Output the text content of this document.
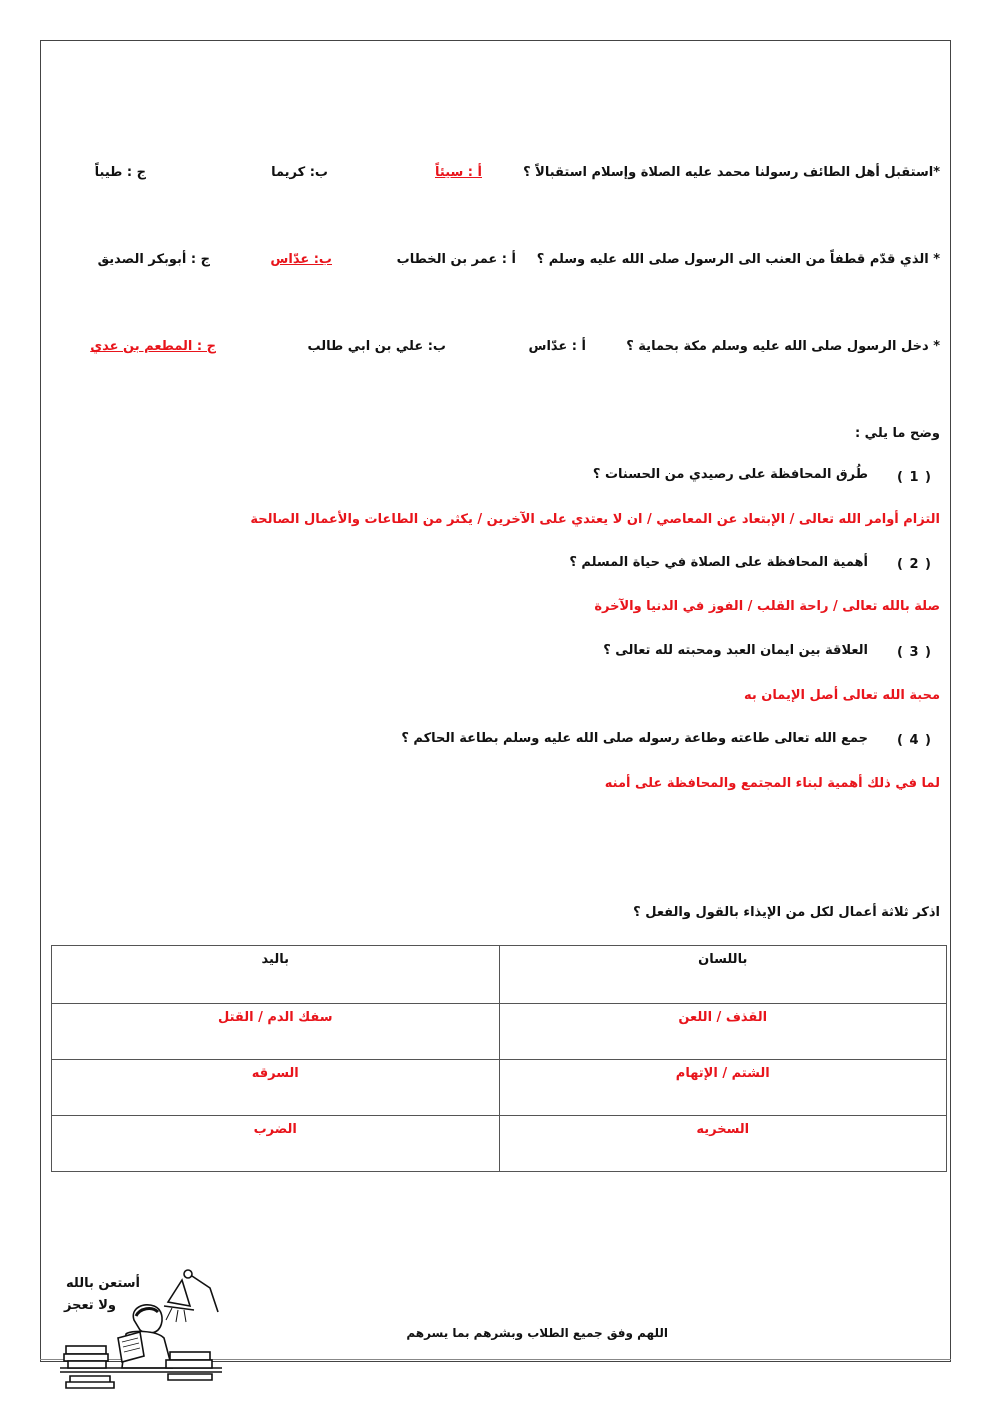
*استقبل أهل الطائف رسولنا محمد عليه الصلاة وإسلام استقبالاً ؟
أ : سيئاً
ب: كريما
ج : طيباً
* الذي قدّم قطفاً من العنب الى الرسول صلى الله عليه وسلم ؟
أ : عمر بن الخطاب
ب: عدّاس
ج : أبوبكر الصديق
* دخل الرسول صلى الله عليه وسلم مكة بحماية ؟
أ : عدّاس
ب: علي بن ابي طالب
ج : المطعم بن عدي
وضح ما يلي :
( 1 )
طُرق المحافظة على رصيدي من الحسنات ؟
التزام أوامر الله تعالى / الإبتعاد عن المعاصي / ان لا يعتدي على الآخرين / يكثر من الطاعات والأعمال الصالحة
( 2 )
أهمية المحافظة على الصلاة في حياة المسلم ؟
صلة بالله تعالى / راحة القلب / الفوز في الدنيا والآخرة
( 3 )
العلاقة بين ايمان العبد ومحبته لله تعالى ؟
محبة الله تعالى أصل الإيمان به
( 4 )
جمع الله تعالى طاعته وطاعة رسوله صلى الله عليه وسلم بطاعة الحاكم ؟
لما في ذلك أهمية لبناء المجتمع والمحافظة على أمنه
اذكر ثلاثة أعمال لكل من الإيذاء بالقول والفعل ؟
باللسان	باليد
القذف / اللعن	سفك الدم / القتل
الشتم / الإتهام	السرقه
السخريه	الضرب
اللهم وفق جميع الطلاب وبشرهم بما يسرهم
أستعن بالله
ولا تعجز
